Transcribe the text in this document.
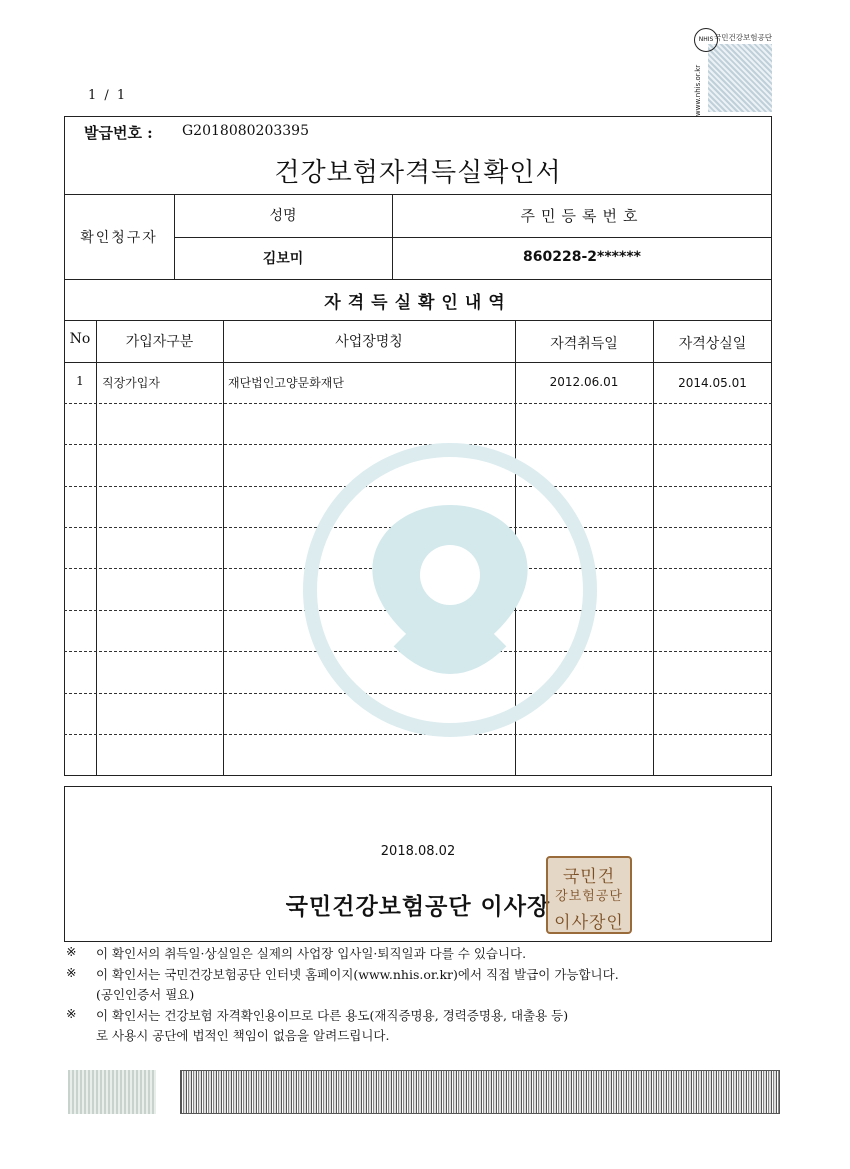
NHIS 국민건강보험공단
www.nhis.or.kr
1 / 1
발급번호 : G2018080203395
건강보험자격득실확인서
확인청구자
성명	주민등록번호
김보미	860228-2******
자격득실확인내역
No	가입자구분	사업장명칭	자격취득일	자격상실일
1	직장가입자	재단법인고양문화재단	2012.06.01	2014.05.01
2018.08.02
국민건강보험공단 이사장
국민건
강보험공단
이사장인
※ 이 확인서의 취득일·상실일은 실제의 사업장 입사일·퇴직일과 다를 수 있습니다.
※ 이 확인서는 국민건강보험공단 인터넷 홈페이지(www.nhis.or.kr)에서 직접 발급이 가능합니다.
(공인인증서 필요)
※ 이 확인서는 건강보험 자격확인용이므로 다른 용도(재직증명용, 경력증명용, 대출용 등)
로 사용시 공단에 법적인 책임이 없음을 알려드립니다.
